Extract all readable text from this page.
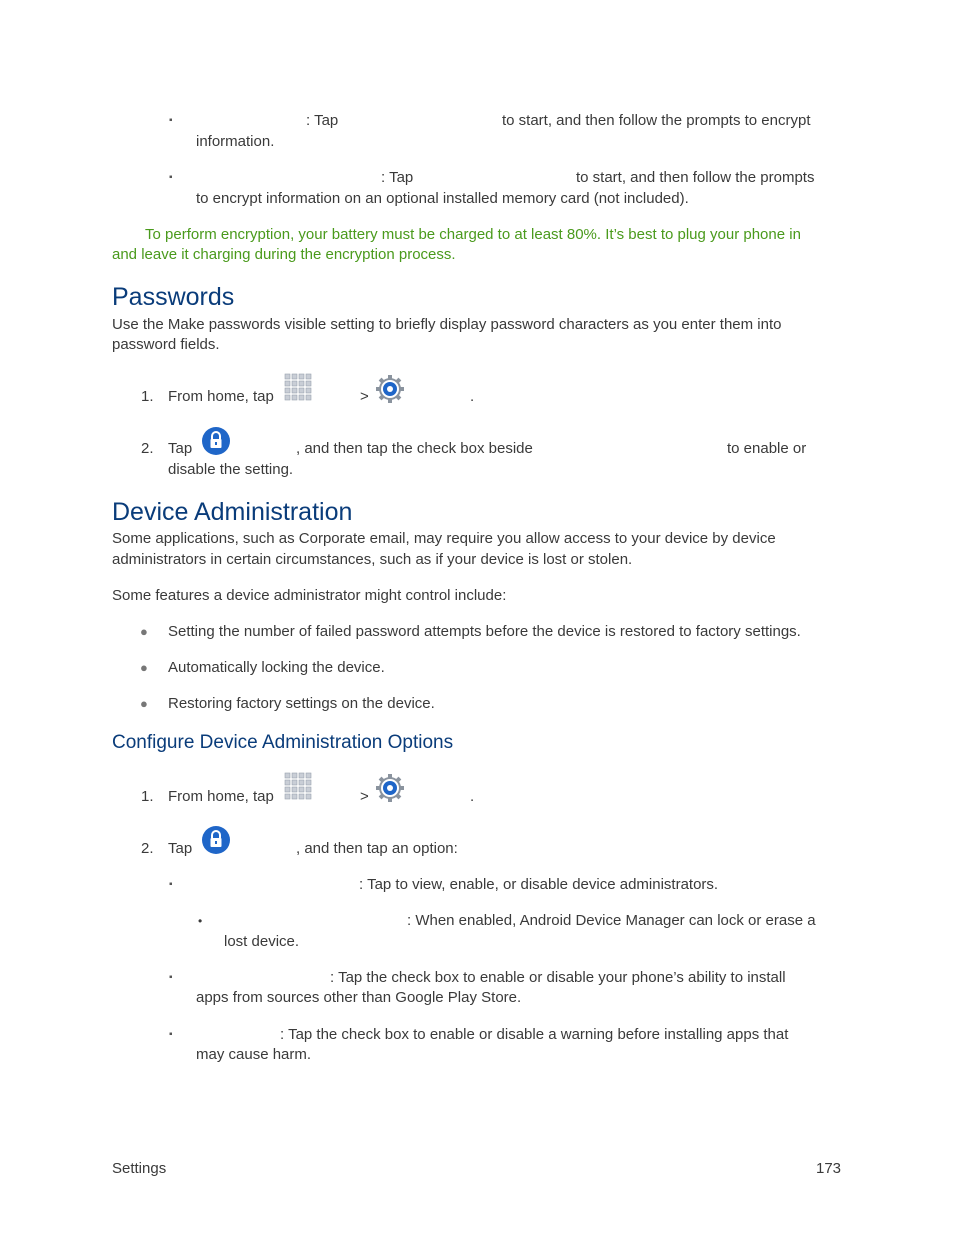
▪	: Tap	to start, and then follow the prompts to encrypt
information.
▪	: Tap	to start, and then follow the prompts
to encrypt information on an optional installed memory card (not included).
To perform encryption, your battery must be charged to at least 80%. It’s best to plug your phone in
and leave it charging during the encryption process.
Passwords
Use the Make passwords visible setting to briefly display password characters as you enter them into
password fields.
1. From home, tap	>	.
2. Tap	, and then tap the check box beside	to enable or
disable the setting.
Device Administration
Some applications, such as Corporate email, may require you allow access to your device by device
administrators in certain circumstances, such as if your device is lost or stolen.
Some features a device administrator might control include:
● Setting the number of failed password attempts before the device is restored to factory settings.
● Automatically locking the device.
● Restoring factory settings on the device.
Configure Device Administration Options
1. From home, tap	>	.
2. Tap	, and then tap an option:
▪	: Tap to view, enable, or disable device administrators.
•	: When enabled, Android Device Manager can lock or erase a
lost device.
▪	: Tap the check box to enable or disable your phone’s ability to install
apps from sources other than Google Play Store.
▪	: Tap the check box to enable or disable a warning before installing apps that
may cause harm.
Settings	173
